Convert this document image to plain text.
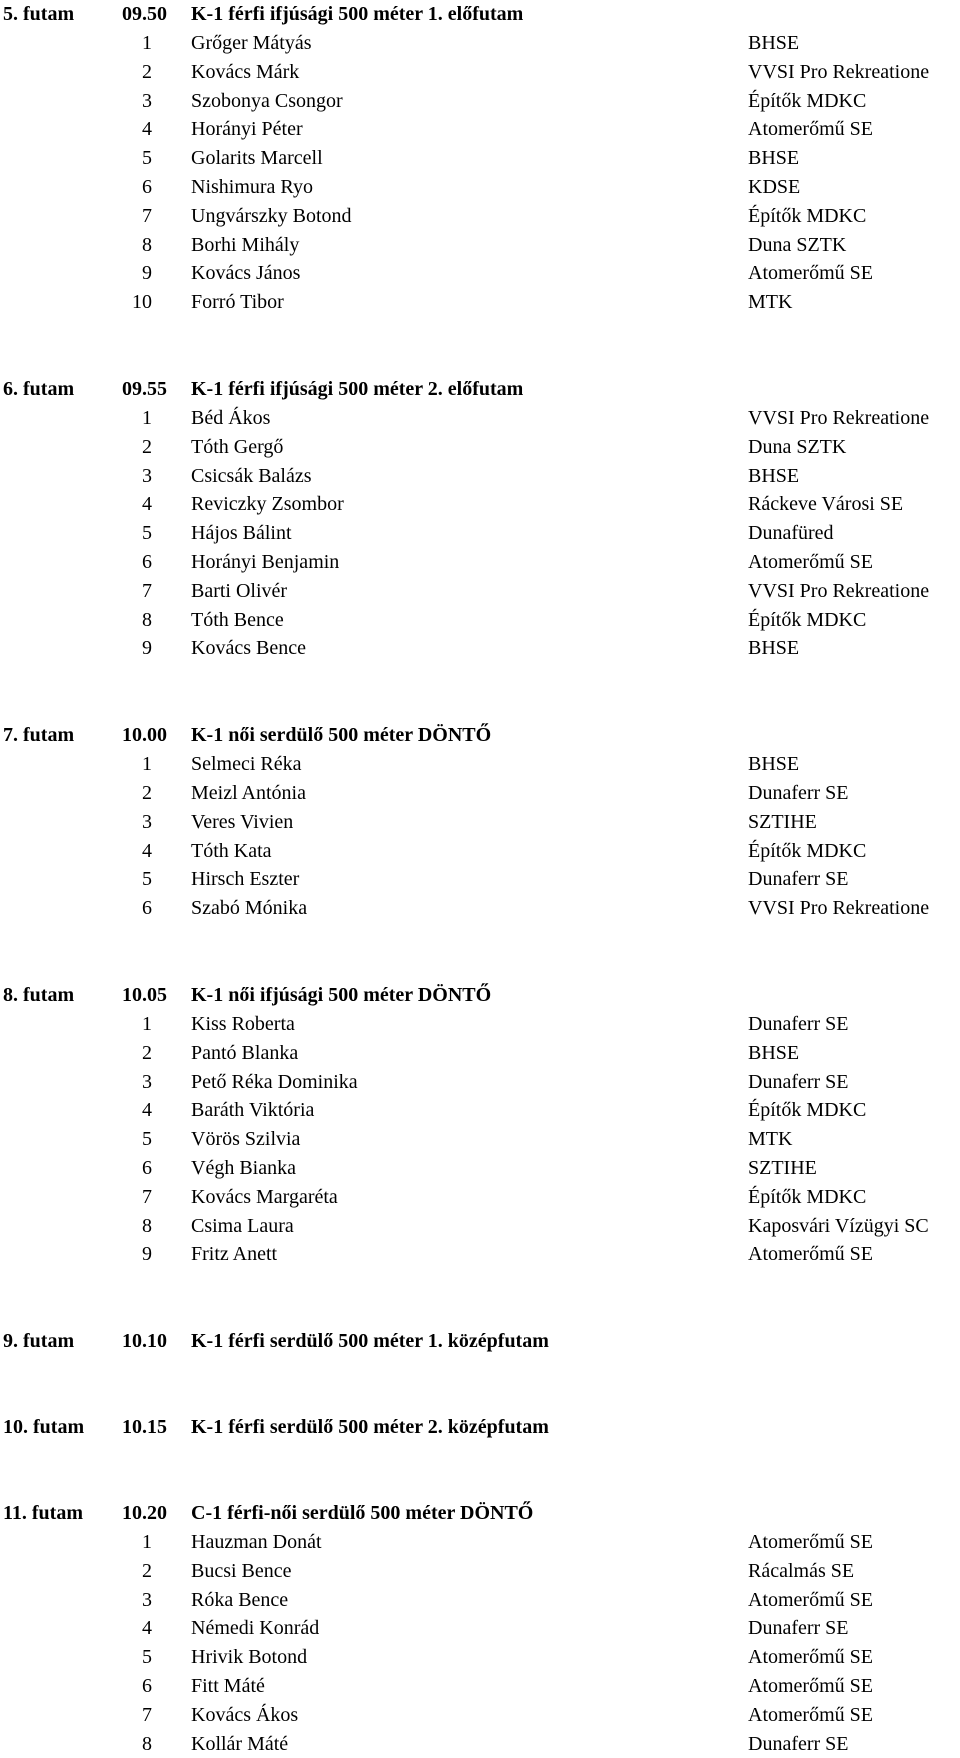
5. futam 09.50 K-1 férfi ifjúsági 500 méter 1. előfutam
1 Grőger Mátyás	BHSE
2 Kovács Márk	VVSI Pro Rekreatione
3 Szobonya Csongor	Építők MDKC
4 Horányi Péter	Atomerőmű SE
5 Golarits Marcell	BHSE
6 Nishimura Ryo	KDSE
7 Ungvárszky Botond	Építők MDKC
8 Borhi Mihály	Duna SZTK
9 Kovács János	Atomerőmű SE
10 Forró Tibor	MTK
6. futam 09.55 K-1 férfi ifjúsági 500 méter 2. előfutam
1 Béd Ákos	VVSI Pro Rekreatione
2 Tóth Gergő	Duna SZTK
3 Csicsák Balázs	BHSE
4 Reviczky Zsombor	Ráckeve Városi SE
5 Hájos Bálint	Dunafüred
6 Horányi Benjamin	Atomerőmű SE
7 Barti Olivér	VVSI Pro Rekreatione
8 Tóth Bence	Építők MDKC
9 Kovács Bence	BHSE
7. futam 10.00 K-1 női serdülő 500 méter DÖNTŐ
1 Selmeci Réka	BHSE
2 Meizl Antónia	Dunaferr SE
3 Veres Vivien	SZTIHE
4 Tóth Kata	Építők MDKC
5 Hirsch Eszter	Dunaferr SE
6 Szabó Mónika	VVSI Pro Rekreatione
8. futam 10.05 K-1 női ifjúsági 500 méter DÖNTŐ
1 Kiss Roberta	Dunaferr SE
2 Pantó Blanka	BHSE
3 Pető Réka Dominika	Dunaferr SE
4 Baráth Viktória	Építők MDKC
5 Vörös Szilvia	MTK
6 Végh Bianka	SZTIHE
7 Kovács Margaréta	Építők MDKC
8 Csima Laura	Kaposvári Vízügyi SC
9 Fritz Anett	Atomerőmű SE
9. futam 10.10 K-1 férfi serdülő 500 méter 1. középfutam
10. futam 10.15 K-1 férfi serdülő 500 méter 2. középfutam
11. futam 10.20 C-1 férfi-női serdülő 500 méter DÖNTŐ
1 Hauzman Donát	Atomerőmű SE
2 Bucsi Bence	Rácalmás SE
3 Róka Bence	Atomerőmű SE
4 Némedi Konrád	Dunaferr SE
5 Hrivik Botond	Atomerőmű SE
6 Fitt Máté	Atomerőmű SE
7 Kovács Ákos	Atomerőmű SE
8 Kollár Máté	Dunaferr SE
